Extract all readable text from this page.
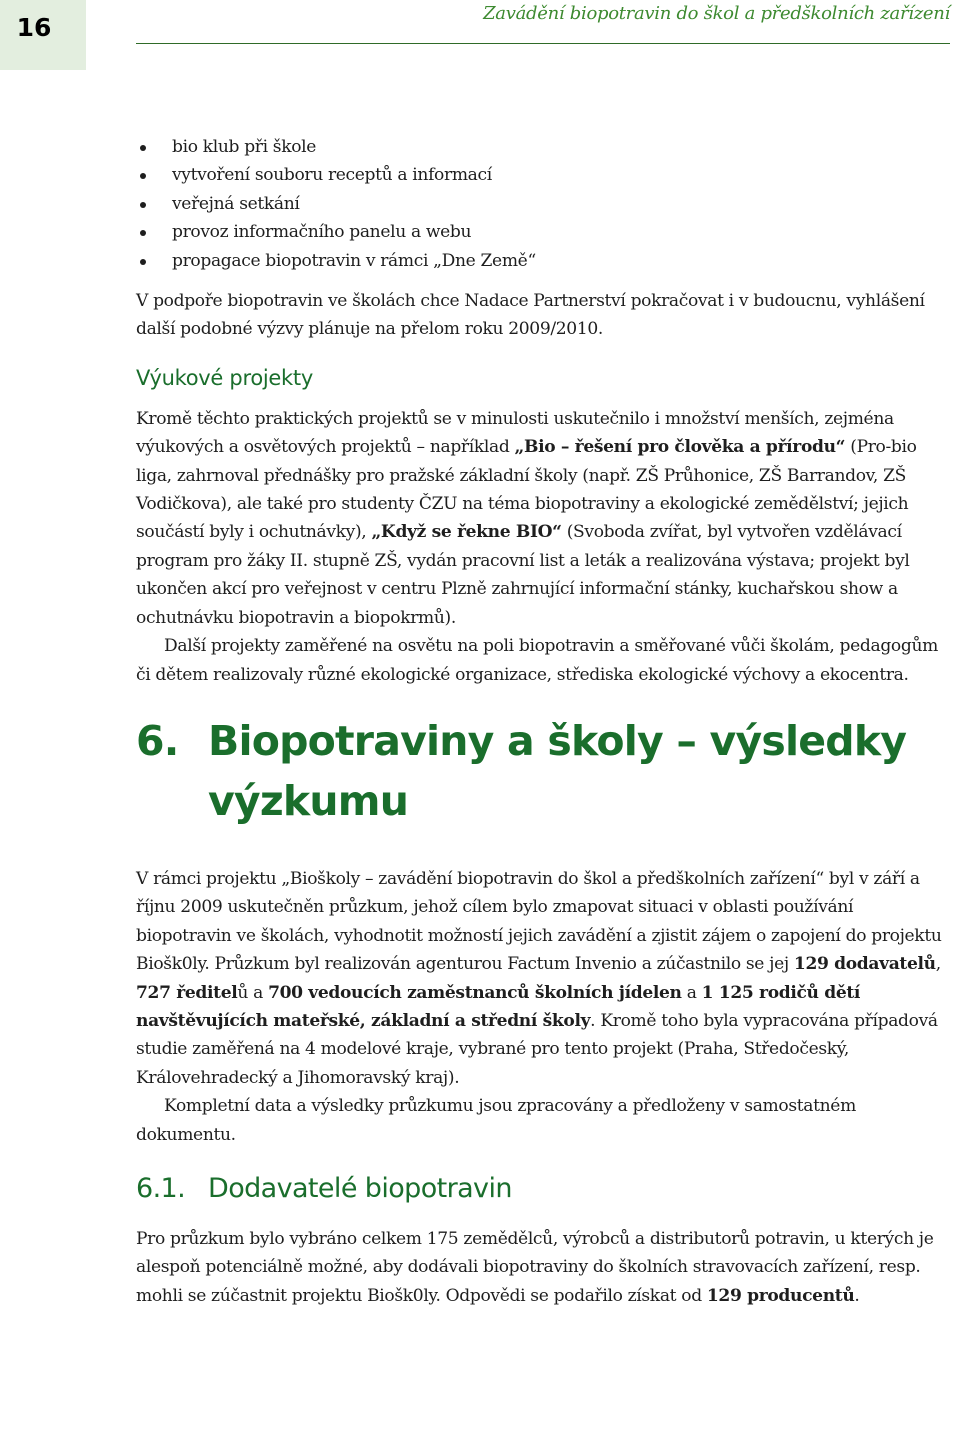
16	Zavádění biopotravin do škol a předškolních zařízení
bio klub při škole
vytvoření souboru receptů a informací
veřejná setkání
provoz informačního panelu a webu
propagace biopotravin v rámci „Dne Země“

V podpoře biopotravin ve školách chce Nadace Partnerství pokračovat i v budoucnu, vyhlášení další podobné výzvy plánuje na přelom roku 2009/2010.

Výukové projekty

Kromě těchto praktických projektů se v minulosti uskutečnilo i množství menších, zejména výukových a osvětových projektů – například „Bio – řešení pro člověka a přírodu“ (Pro-bio liga, zahrnoval přednášky pro pražské základní školy (např. ZŠ Průhonice, ZŠ Barrandov, ZŠ Vodičkova), ale také pro studenty ČZU na téma biopotraviny a ekologické zemědělství; jejich součástí byly i ochutnávky), „Když se řekne BIO“ (Svoboda zvířat, byl vytvořen vzdělávací program pro žáky II. stupně ZŠ, vydán pracovní list a leták a realizována výstava; projekt byl ukončen akcí pro veřejnost v centru Plzně zahrnující informační stánky, kuchařskou show a ochutnávku biopotravin a biopokrmů).

Další projekty zaměřené na osvětu na poli biopotravin a směřované vůči školám, pedagogům či dětem realizovaly různé ekologické organizace, střediska ekologické výchovy a ekocentra.

6. Biopotraviny a školy – výsledky výzkumu

V rámci projektu „Bioškoly – zavádění biopotravin do škol a předškolních zařízení“ byl v září a říjnu 2009 uskutečněn průzkum, jehož cílem bylo zmapovat situaci v oblasti používání biopotravin ve školách, vyhodnotit možností jejich zavádění a zjistit zájem o zapojení do projektu Biošk0ly. Průzkum byl realizován agenturou Factum Invenio a zúčastnilo se jej 129 dodavatelů, 727 ředitelů a 700 vedoucích zaměstnanců školních jídelen a 1 125 rodičů dětí navštěvujících mateřské, základní a střední školy. Kromě toho byla vypracována případová studie zaměřená na 4 modelové kraje, vybrané pro tento projekt (Praha, Středočeský, Královehradecký a Jihomoravský kraj).

Kompletní data a výsledky průzkumu jsou zpracovány a předloženy v samostatném dokumentu.

6.1. Dodavatelé biopotravin

Pro průzkum bylo vybráno celkem 175 zemědělců, výrobců a distributorů potravin, u kterých je alespoň potenciálně možné, aby dodávali biopotraviny do školních stravovacích zařízení, resp. mohli se zúčastnit projektu Biošk0ly. Odpovědi se podařilo získat od 129 producentů.
